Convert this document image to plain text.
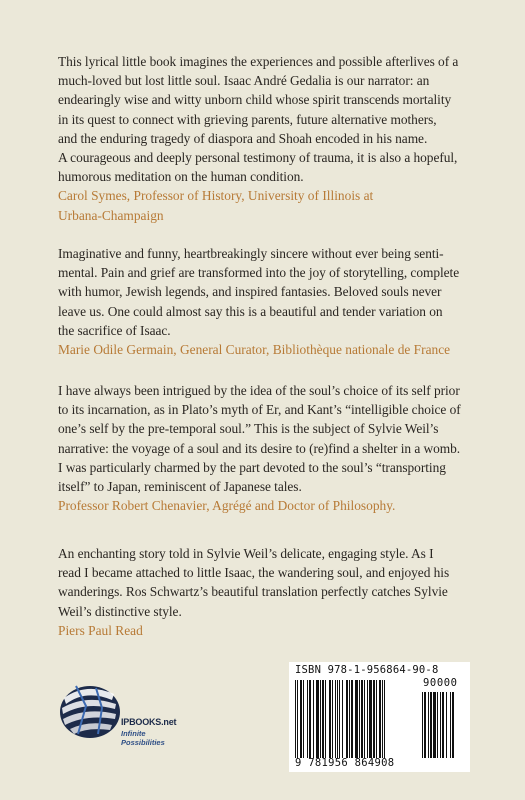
This lyrical little book imagines the experiences and possible afterlives of a
much-loved but lost little soul. Isaac André Gedalia is our narrator: an
endearingly wise and witty unborn child whose spirit transcends mortality
in its quest to connect with grieving parents, future alternative mothers,
and the enduring tragedy of diaspora and Shoah encoded in his name.
A courageous and deeply personal testimony of trauma, it is also a hopeful,
humorous meditation on the human condition.

Carol Symes, Professor of History, University of Illinois at
Urbana-Champaign

Imaginative and funny, heartbreakingly sincere without ever being senti-
mental. Pain and grief are transformed into the joy of storytelling, complete
with humor, Jewish legends, and inspired fantasies. Beloved souls never
leave us. One could almost say this is a beautiful and tender variation on
the sacrifice of Isaac.

Marie Odile Germain, General Curator, Bibliothèque nationale de France

I have always been intrigued by the idea of the soul’s choice of its self prior
to its incarnation, as in Plato’s myth of Er, and Kant’s “intelligible choice of
one’s self by the pre-temporal soul.” This is the subject of Sylvie Weil’s
narrative: the voyage of a soul and its desire to (re)find a shelter in a womb.
I was particularly charmed by the part devoted to the soul’s “transporting
itself” to Japan, reminiscent of Japanese tales.

Professor Robert Chenavier, Agrégé and Doctor of Philosophy.

An enchanting story told in Sylvie Weil’s delicate, engaging style. As I
read I became attached to little Isaac, the wandering soul, and enjoyed his
wanderings. Ros Schwartz’s beautiful translation perfectly catches Sylvie
Weil’s distinctive style.

Piers Paul Read

IPBOOKS.net
Infinite Possibilities
ISBN 978-1-956864-90-8
90000
9 781956 864908
